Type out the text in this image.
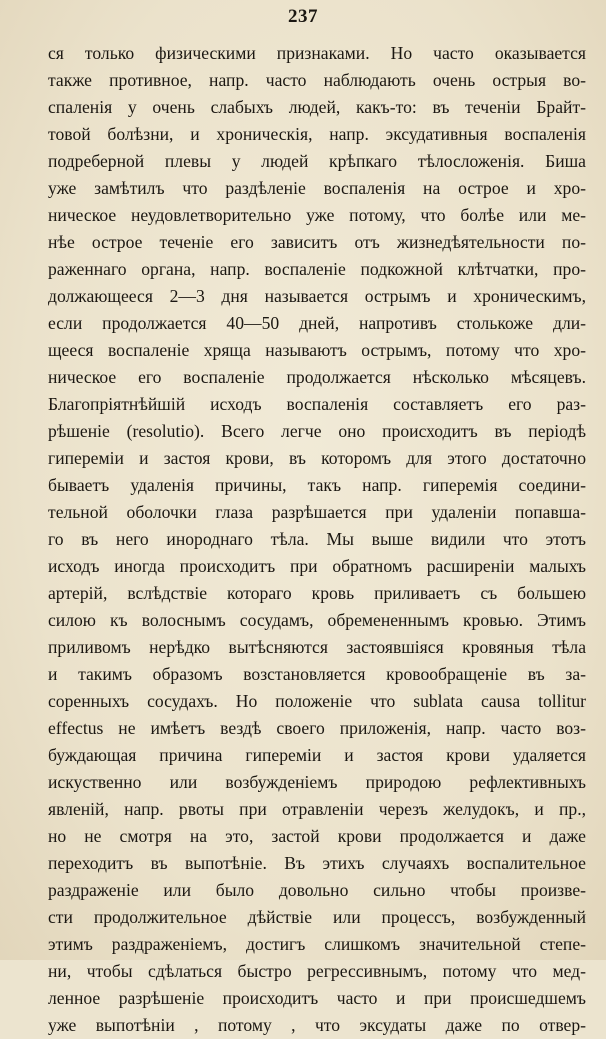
237
ся только физическими признаками. Но часто оказывается
также противное, напр. часто наблюдають очень острыя во-
спаленія у очень слабыхъ людей, какъ-то: въ теченіи Брайт-
товой болѣзни, и хроническія, напр. эксудативныя воспаленія
подреберной плевы у людей крѣпкаго тѣлосложенія. Биша
уже замѣтилъ что раздѣленіе воспаленія на острое и хро-
ническое неудовлетворительно уже потому, что болѣе или ме-
нѣе острое теченіе его зависитъ отъ жизнедѣятельности по-
раженнаго органа, напр. воспаленіе подкожной клѣтчатки, про-
должающееся 2—3 дня называется острымъ и хроническимъ,
если продолжается 40—50 дней, напротивъ столькоже дли-
щееся воспаленіе хряща называютъ острымъ, потому что хро-
ническое его воспаленіе продолжается нѣсколько мѣсяцевъ.
Благопріятнѣйшій исходъ воспаленія составляетъ его раз-
рѣшеніе (resolutio). Всего легче оно происходитъ въ періодѣ
гипереміи и застоя крови, въ которомъ для этого достаточно
бываетъ удаленія причины, такъ напр. гиперемія соедини-
тельной оболочки глаза разрѣшается при удаленіи попавша-
го въ него инороднаго тѣла. Мы выше видили что этотъ
исходъ иногда происходитъ при обратномъ расширеніи малыхъ
артерій, вслѣдствіе котораго кровь приливаетъ съ большею
силою къ волоснымъ сосудамъ, обремененнымъ кровью. Этимъ
приливомъ нерѣдко вытѣсняются застоявшіяся кровяныя тѣла
и такимъ образомъ возстановляется кровообращеніе въ за-
соренныхъ сосудахъ. Но положеніе что sublata causa tollitur
effectus не имѣетъ вездѣ своего приложенія, напр. часто воз-
буждающая причина гипереміи и застоя крови удаляется
искуственно или возбужденіемъ природою рефлективныхъ
явленій, напр. рвоты при отравленіи черезъ желудокъ, и пр.,
но не смотря на это, застой крови продолжается и даже
переходитъ въ выпотѣніе. Въ этихъ случаяхъ воспалительное
раздраженіе или было довольно сильно чтобы произве-
сти продолжительное дѣйствіе или процессъ, возбужденный
этимъ раздраженіемъ, достигъ слишкомъ значительной степе-
ни, чтобы сдѣлаться быстро регрессивнымъ, потому что мед-
ленное разрѣшеніе происходитъ часто и при происшедшемъ
уже выпотѣніи , потому , что эксудаты даже по отвер-
